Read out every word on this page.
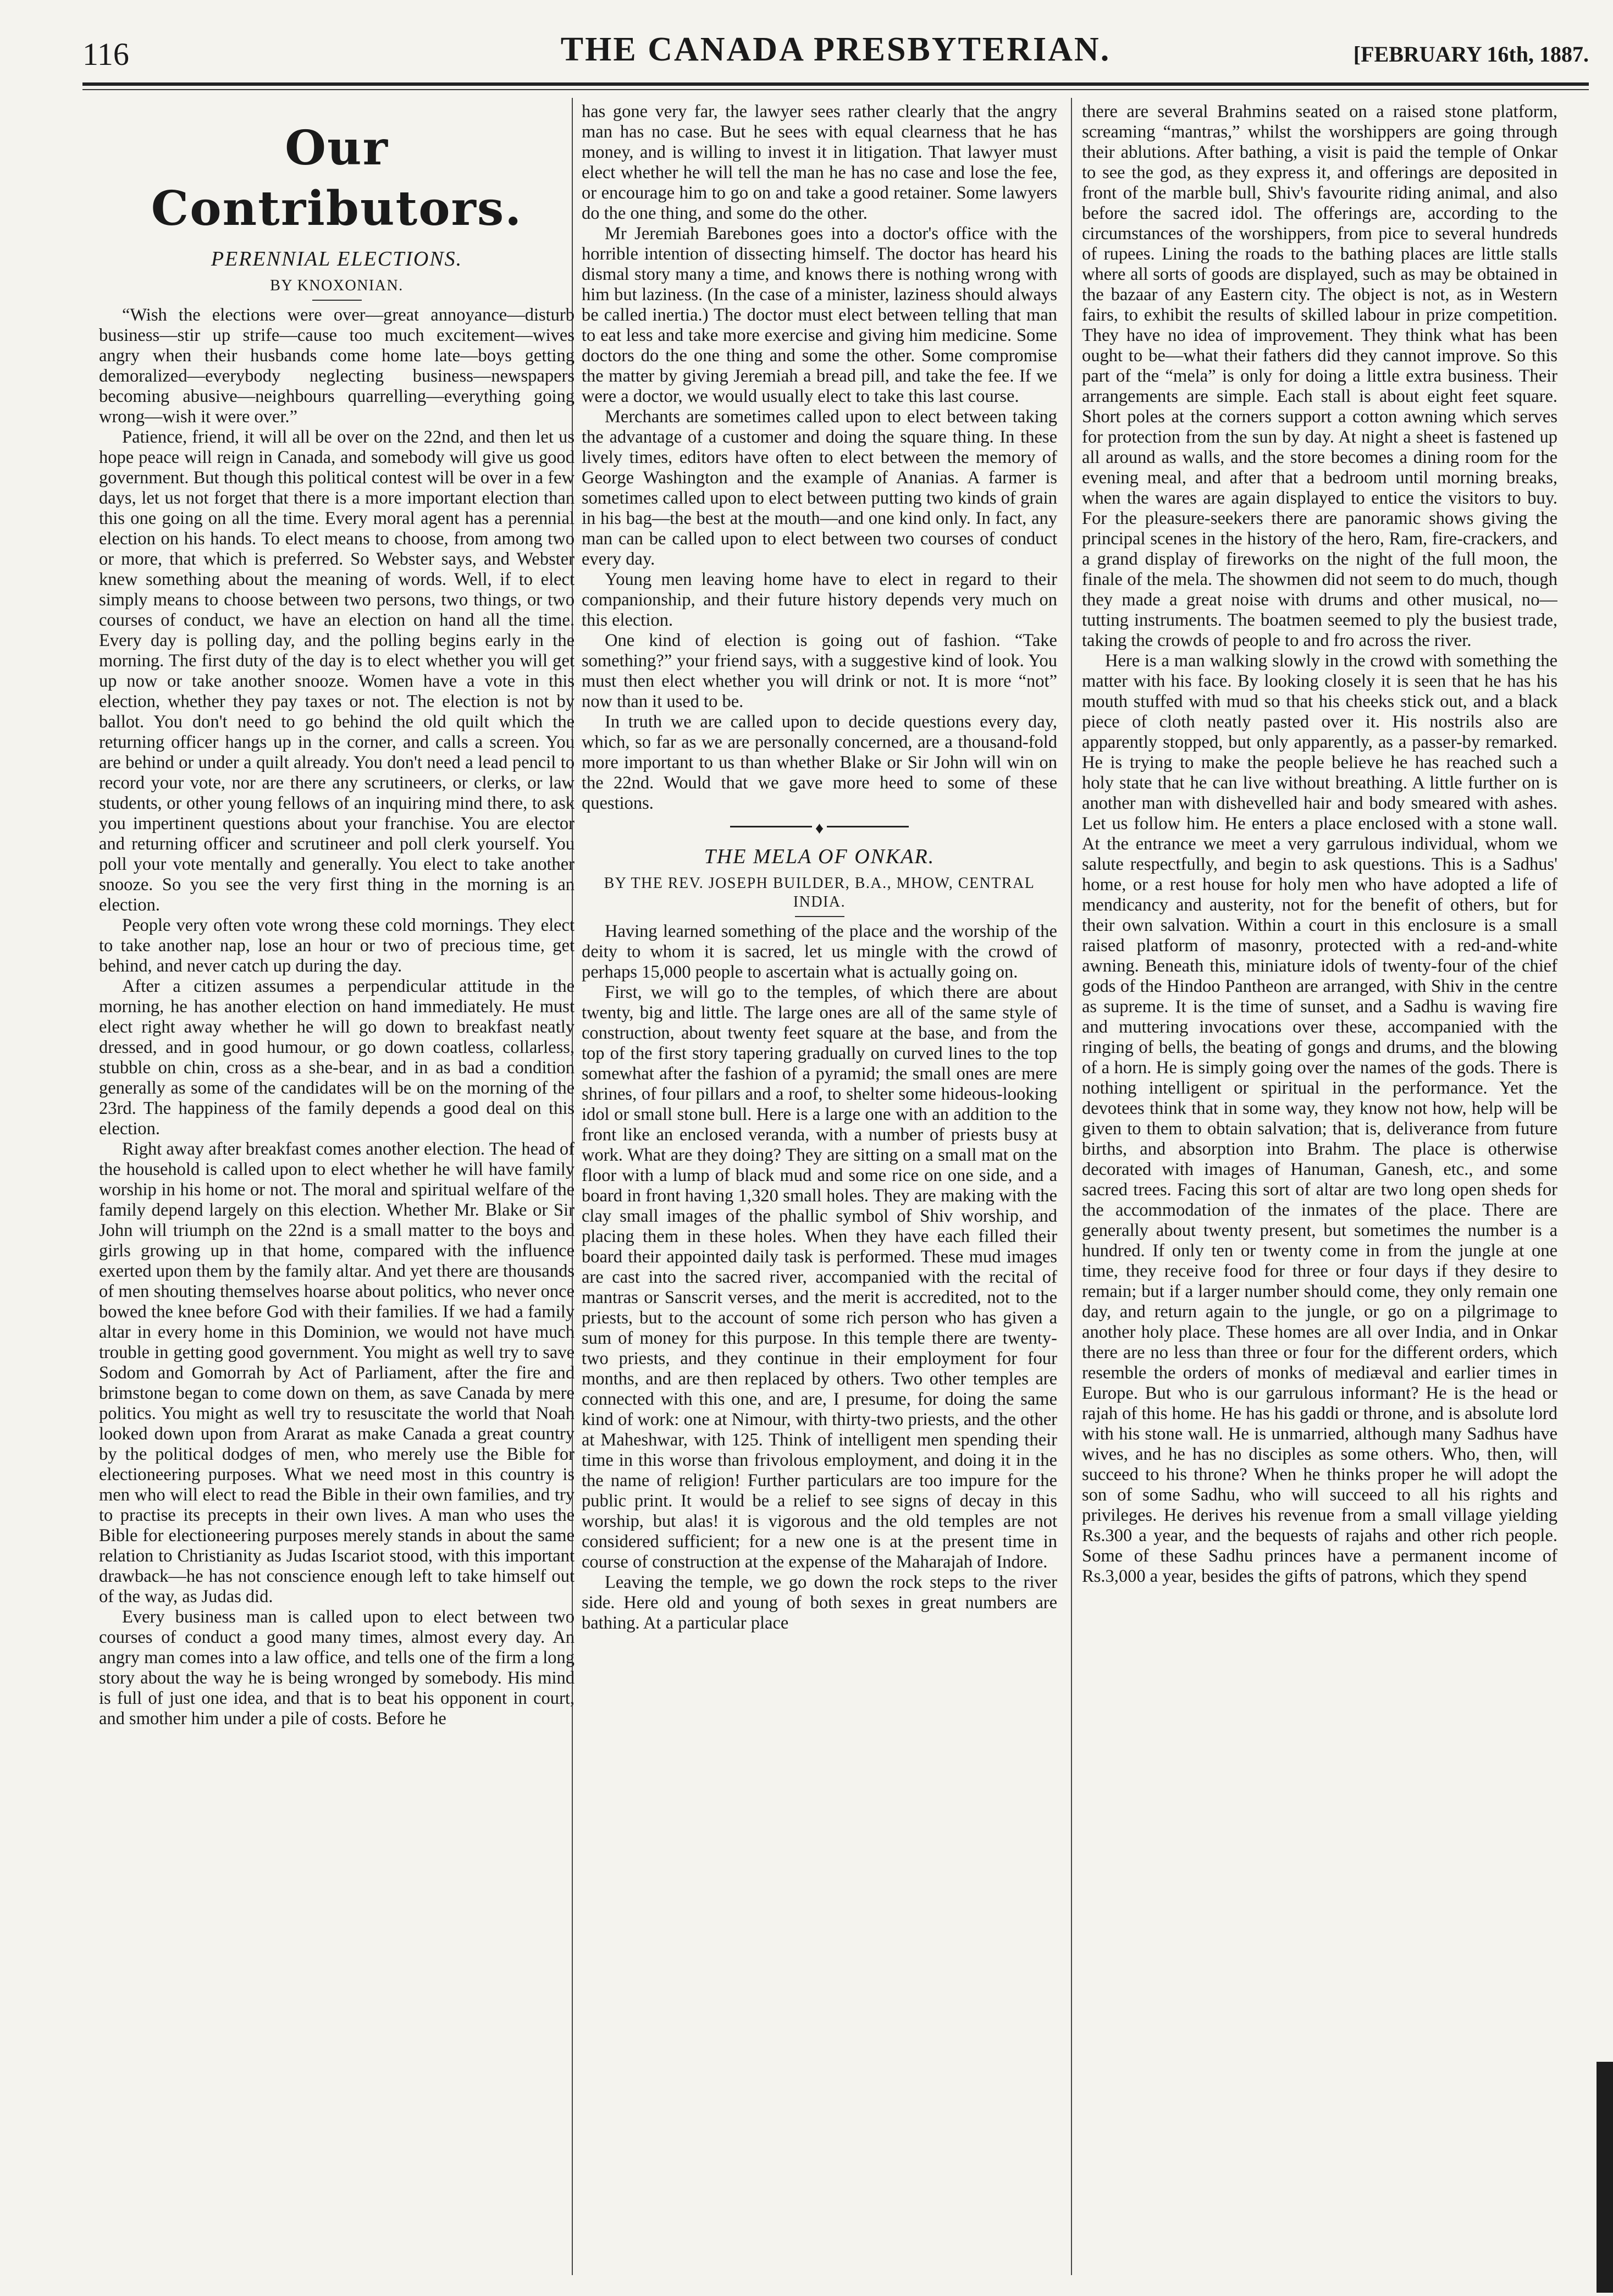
116	THE CANADA PRESBYTERIAN.	[FEBRUARY 16th, 1887.
Our Contributors.
PERENNIAL ELECTIONS.
BY KNOXONIAN.

“Wish the elections were over—great annoyance—disturb business—stir up strife—cause too much excitement—wives angry when their husbands come home late—boys getting demoralized—everybody neglecting business—newspapers becoming abusive—neighbours quarrelling—everything going wrong—wish it were over.”

Patience, friend, it will all be over on the 22nd, and then let us hope peace will reign in Canada, and somebody will give us good government. But though this political contest will be over in a few days, let us not forget that there is a more important election than this one going on all the time. Every moral agent has a perennial election on his hands. To elect means to choose, from among two or more, that which is preferred. So Webster says, and Webster knew something about the meaning of words. Well, if to elect simply means to choose between two persons, two things, or two courses of conduct, we have an election on hand all the time. Every day is polling day, and the polling begins early in the morning. The first duty of the day is to elect whether you will get up now or take another snooze. Women have a vote in this election, whether they pay taxes or not. The election is not by ballot. You don't need to go behind the old quilt which the returning officer hangs up in the corner, and calls a screen. You are behind or under a quilt already. You don't need a lead pencil to record your vote, nor are there any scrutineers, or clerks, or law students, or other young fellows of an inquiring mind there, to ask you impertinent questions about your franchise. You are elector and returning officer and scrutineer and poll clerk yourself. You poll your vote mentally and generally. You elect to take another snooze. So you see the very first thing in the morning is an election.

People very often vote wrong these cold mornings. They elect to take another nap, lose an hour or two of precious time, get behind, and never catch up during the day.

After a citizen assumes a perpendicular attitude in the morning, he has another election on hand immediately. He must elect right away whether he will go down to breakfast neatly dressed, and in good humour, or go down coatless, collarless, stubble on chin, cross as a she-bear, and in as bad a condition generally as some of the candidates will be on the morning of the 23rd. The happiness of the family depends a good deal on this election.

Right away after breakfast comes another election. The head of the household is called upon to elect whether he will have family worship in his home or not. The moral and spiritual welfare of the family depend largely on this election. Whether Mr. Blake or Sir John will triumph on the 22nd is a small matter to the boys and girls growing up in that home, compared with the influence exerted upon them by the family altar. And yet there are thousands of men shouting themselves hoarse about politics, who never once bowed the knee before God with their families. If we had a family altar in every home in this Dominion, we would not have much trouble in getting good government. You might as well try to save Sodom and Gomorrah by Act of Parliament, after the fire and brimstone began to come down on them, as save Canada by mere politics. You might as well try to resuscitate the world that Noah looked down upon from Ararat as make Canada a great country by the political dodges of men, who merely use the Bible for electioneering purposes. What we need most in this country is men who will elect to read the Bible in their own families, and try to practise its precepts in their own lives. A man who uses the Bible for electioneering purposes merely stands in about the same relation to Christianity as Judas Iscariot stood, with this important drawback—he has not conscience enough left to take himself out of the way, as Judas did.

Every business man is called upon to elect between two courses of conduct a good many times, almost every day. An angry man comes into a law office, and tells one of the firm a long story about the way he is being wronged by somebody. His mind is full of just one idea, and that is to beat his opponent in court, and smother him under a pile of costs. Before he

has gone very far, the lawyer sees rather clearly that the angry man has no case. But he sees with equal clearness that he has money, and is willing to invest it in litigation. That lawyer must elect whether he will tell the man he has no case and lose the fee, or encourage him to go on and take a good retainer. Some lawyers do the one thing, and some do the other.

Mr Jeremiah Barebones goes into a doctor's office with the horrible intention of dissecting himself. The doctor has heard his dismal story many a time, and knows there is nothing wrong with him but laziness. (In the case of a minister, laziness should always be called inertia.) The doctor must elect between telling that man to eat less and take more exercise and giving him medicine. Some doctors do the one thing and some the other. Some compromise the matter by giving Jeremiah a bread pill, and take the fee. If we were a doctor, we would usually elect to take this last course.

Merchants are sometimes called upon to elect between taking the advantage of a customer and doing the square thing. In these lively times, editors have often to elect between the memory of George Washington and the example of Ananias. A farmer is sometimes called upon to elect between putting two kinds of grain in his bag—the best at the mouth—and one kind only. In fact, any man can be called upon to elect between two courses of conduct every day.

Young men leaving home have to elect in regard to their companionship, and their future history depends very much on this election.

One kind of election is going out of fashion. “Take something?” your friend says, with a suggestive kind of look. You must then elect whether you will drink or not. It is more “not” now than it used to be.

In truth we are called upon to decide questions every day, which, so far as we are personally concerned, are a thousand-fold more important to us than whether Blake or Sir John will win on the 22nd. Would that we gave more heed to some of these questions.

♦
THE MELA OF ONKAR.
BY THE REV. JOSEPH BUILDER, B.A., MHOW, CENTRAL INDIA.

Having learned something of the place and the worship of the deity to whom it is sacred, let us mingle with the crowd of perhaps 15,000 people to ascertain what is actually going on.

First, we will go to the temples, of which there are about twenty, big and little. The large ones are all of the same style of construction, about twenty feet square at the base, and from the top of the first story tapering gradually on curved lines to the top somewhat after the fashion of a pyramid; the small ones are mere shrines, of four pillars and a roof, to shelter some hideous-looking idol or small stone bull. Here is a large one with an addition to the front like an enclosed veranda, with a number of priests busy at work. What are they doing? They are sitting on a small mat on the floor with a lump of black mud and some rice on one side, and a board in front having 1,320 small holes. They are making with the clay small images of the phallic symbol of Shiv worship, and placing them in these holes. When they have each filled their board their appointed daily task is performed. These mud images are cast into the sacred river, accompanied with the recital of mantras or Sanscrit verses, and the merit is accredited, not to the priests, but to the account of some rich person who has given a sum of money for this purpose. In this temple there are twenty-two priests, and they continue in their employment for four months, and are then replaced by others. Two other temples are connected with this one, and are, I presume, for doing the same kind of work: one at Nimour, with thirty-two priests, and the other at Maheshwar, with 125. Think of intelligent men spending their time in this worse than frivolous employment, and doing it in the the name of religion! Further particulars are too impure for the public print. It would be a relief to see signs of decay in this worship, but alas! it is vigorous and the old temples are not considered sufficient; for a new one is at the present time in course of construction at the expense of the Maharajah of Indore.

Leaving the temple, we go down the rock steps to the river side. Here old and young of both sexes in great numbers are bathing. At a particular place

there are several Brahmins seated on a raised stone platform, screaming “mantras,” whilst the worshippers are going through their ablutions. After bathing, a visit is paid the temple of Onkar to see the god, as they express it, and offerings are deposited in front of the marble bull, Shiv's favourite riding animal, and also before the sacred idol. The offerings are, according to the circumstances of the worshippers, from pice to several hundreds of rupees. Lining the roads to the bathing places are little stalls where all sorts of goods are displayed, such as may be obtained in the bazaar of any Eastern city. The object is not, as in Western fairs, to exhibit the results of skilled labour in prize competition. They have no idea of improvement. They think what has been ought to be—what their fathers did they cannot improve. So this part of the “mela” is only for doing a little extra business. Their arrangements are simple. Each stall is about eight feet square. Short poles at the corners support a cotton awning which serves for protection from the sun by day. At night a sheet is fastened up all around as walls, and the store becomes a dining room for the evening meal, and after that a bedroom until morning breaks, when the wares are again displayed to entice the visitors to buy. For the pleasure-seekers there are panoramic shows giving the principal scenes in the history of the hero, Ram, fire-crackers, and a grand display of fireworks on the night of the full moon, the finale of the mela. The showmen did not seem to do much, though they made a great noise with drums and other musical, no—tutting instruments. The boatmen seemed to ply the busiest trade, taking the crowds of people to and fro across the river.

Here is a man walking slowly in the crowd with something the matter with his face. By looking closely it is seen that he has his mouth stuffed with mud so that his cheeks stick out, and a black piece of cloth neatly pasted over it. His nostrils also are apparently stopped, but only apparently, as a passer-by remarked. He is trying to make the people believe he has reached such a holy state that he can live without breathing. A little further on is another man with dishevelled hair and body smeared with ashes. Let us follow him. He enters a place enclosed with a stone wall. At the entrance we meet a very garrulous individual, whom we salute respectfully, and begin to ask questions. This is a Sadhus' home, or a rest house for holy men who have adopted a life of mendicancy and austerity, not for the benefit of others, but for their own salvation. Within a court in this enclosure is a small raised platform of masonry, protected with a red-and-white awning. Beneath this, miniature idols of twenty-four of the chief gods of the Hindoo Pantheon are arranged, with Shiv in the centre as supreme. It is the time of sunset, and a Sadhu is waving fire and muttering invocations over these, accompanied with the ringing of bells, the beating of gongs and drums, and the blowing of a horn. He is simply going over the names of the gods. There is nothing intelligent or spiritual in the performance. Yet the devotees think that in some way, they know not how, help will be given to them to obtain salvation; that is, deliverance from future births, and absorption into Brahm. The place is otherwise decorated with images of Hanuman, Ganesh, etc., and some sacred trees. Facing this sort of altar are two long open sheds for the accommodation of the inmates of the place. There are generally about twenty present, but sometimes the number is a hundred. If only ten or twenty come in from the jungle at one time, they receive food for three or four days if they desire to remain; but if a larger number should come, they only remain one day, and return again to the jungle, or go on a pilgrimage to another holy place. These homes are all over India, and in Onkar there are no less than three or four for the different orders, which resemble the orders of monks of mediæval and earlier times in Europe. But who is our garrulous informant? He is the head or rajah of this home. He has his gaddi or throne, and is absolute lord with his stone wall. He is unmarried, although many Sadhus have wives, and he has no disciples as some others. Who, then, will succeed to his throne? When he thinks proper he will adopt the son of some Sadhu, who will succeed to all his rights and privileges. He derives his revenue from a small village yielding Rs.300 a year, and the bequests of rajahs and other rich people. Some of these Sadhu princes have a permanent income of Rs.3,000 a year, besides the gifts of patrons, which they spend
